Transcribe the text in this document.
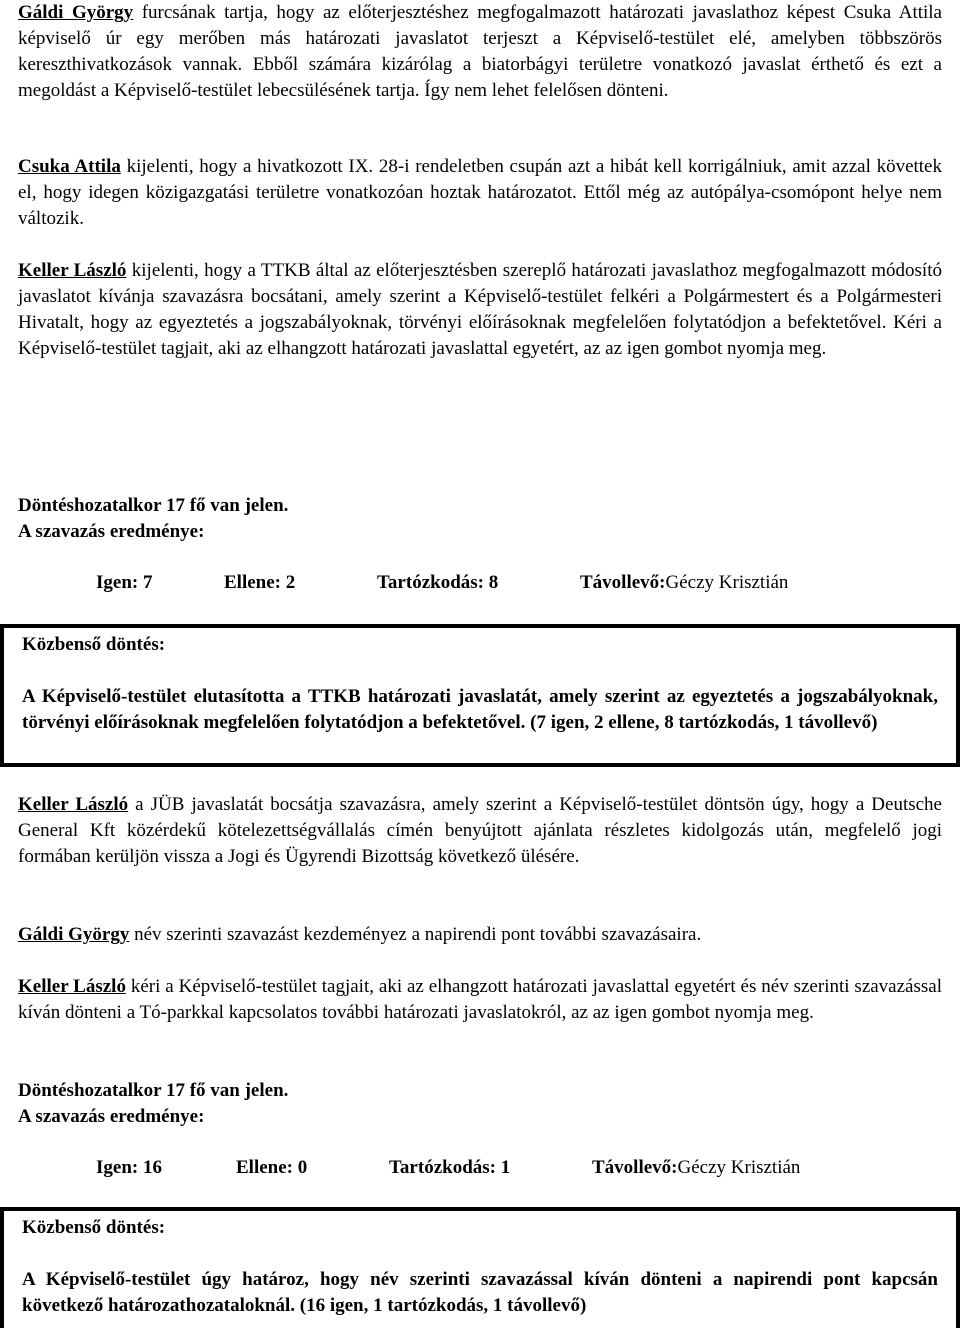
Gáldi György furcsának tartja, hogy az előterjesztéshez megfogalmazott határozati javaslathoz képest Csuka Attila képviselő úr egy merőben más határozati javaslatot terjeszt a Képviselő-testület elé, amelyben többszörös kereszthivatkozások vannak. Ebből számára kizárólag a biatorbágyi területre vonatkozó javaslat érthető és ezt a megoldást a Képviselő-testület lebecsülésének tartja. Így nem lehet felelősen dönteni.

Csuka Attila kijelenti, hogy a hivatkozott IX. 28-i rendeletben csupán azt a hibát kell korrigálniuk, amit azzal követtek el, hogy idegen közigazgatási területre vonatkozóan hoztak határozatot. Ettől még az autópálya-csomópont helye nem változik.

Keller László kijelenti, hogy a TTKB által az előterjesztésben szereplő határozati javaslathoz megfogalmazott módosító javaslatot kívánja szavazásra bocsátani, amely szerint a Képviselő-testület felkéri a Polgármestert és a Polgármesteri Hivatalt, hogy az egyeztetés a jogszabályoknak, törvényi előírásoknak megfelelően folytatódjon a befektetővel. Kéri a Képviselő-testület tagjait, aki az elhangzott határozati javaslattal egyetért, az az igen gombot nyomja meg.

Döntéshozatalkor 17 fő van jelen.
A szavazás eredménye:
Igen: 7	Ellene: 2	Tartózkodás: 8	Távollevő:Géczy Krisztián
Közbenső döntés:

A Képviselő-testület elutasította a TTKB határozati javaslatát, amely szerint az egyeztetés a jogszabályoknak, törvényi előírásoknak megfelelően folytatódjon a befektetővel. (7 igen, 2 ellene, 8 tartózkodás, 1 távollevő)

Keller László a JÜB javaslatát bocsátja szavazásra, amely szerint a Képviselő-testület döntsön úgy, hogy a Deutsche General Kft közérdekű kötelezettségvállalás címén benyújtott ajánlata részletes kidolgozás után, megfelelő jogi formában kerüljön vissza a Jogi és Ügyrendi Bizottság következő ülésére.

Gáldi György név szerinti szavazást kezdeményez a napirendi pont további szavazásaira.

Keller László kéri a Képviselő-testület tagjait, aki az elhangzott határozati javaslattal egyetért és név szerinti szavazással kíván dönteni a Tó-parkkal kapcsolatos további határozati javaslatokról, az az igen gombot nyomja meg.

Döntéshozatalkor 17 fő van jelen.
A szavazás eredménye:
Igen: 16	Ellene: 0	Tartózkodás: 1	Távollevő:Géczy Krisztián
Közbenső döntés:

A Képviselő-testület úgy határoz, hogy név szerinti szavazással kíván dönteni a napirendi pont kapcsán következő határozathozataloknál. (16 igen, 1 tartózkodás, 1 távollevő)
